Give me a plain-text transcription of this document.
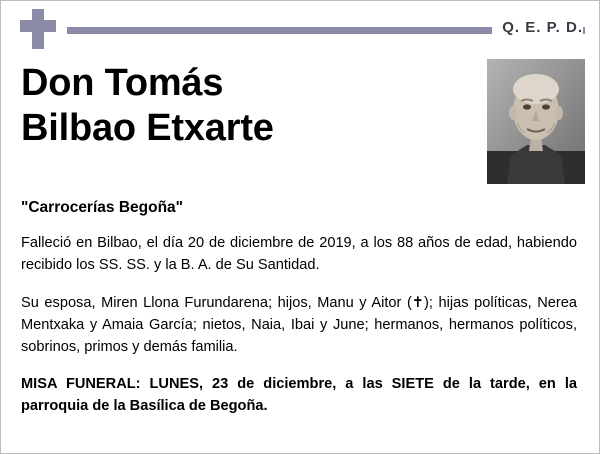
Q. E. P. D.
Don Tomás
Bilbao Etxarte
"Carrocerías Begoña"

Falleció en Bilbao, el día 20 de diciembre de 2019, a los 88 años de edad, habiendo recibido los SS. SS. y la B. A. de Su Santidad.

Su esposa, Miren Llona Furundarena; hijos, Manu y Aitor (✝); hijas políticas, Nerea Mentxaka y Amaia García; nietos, Naia, Ibai y June; hermanos, hermanos políticos, sobrinos, primos y demás familia.

MISA FUNERAL: LUNES, 23 de diciembre, a las SIETE de la tarde, en la parroquia de la Basílica de Begoña.
